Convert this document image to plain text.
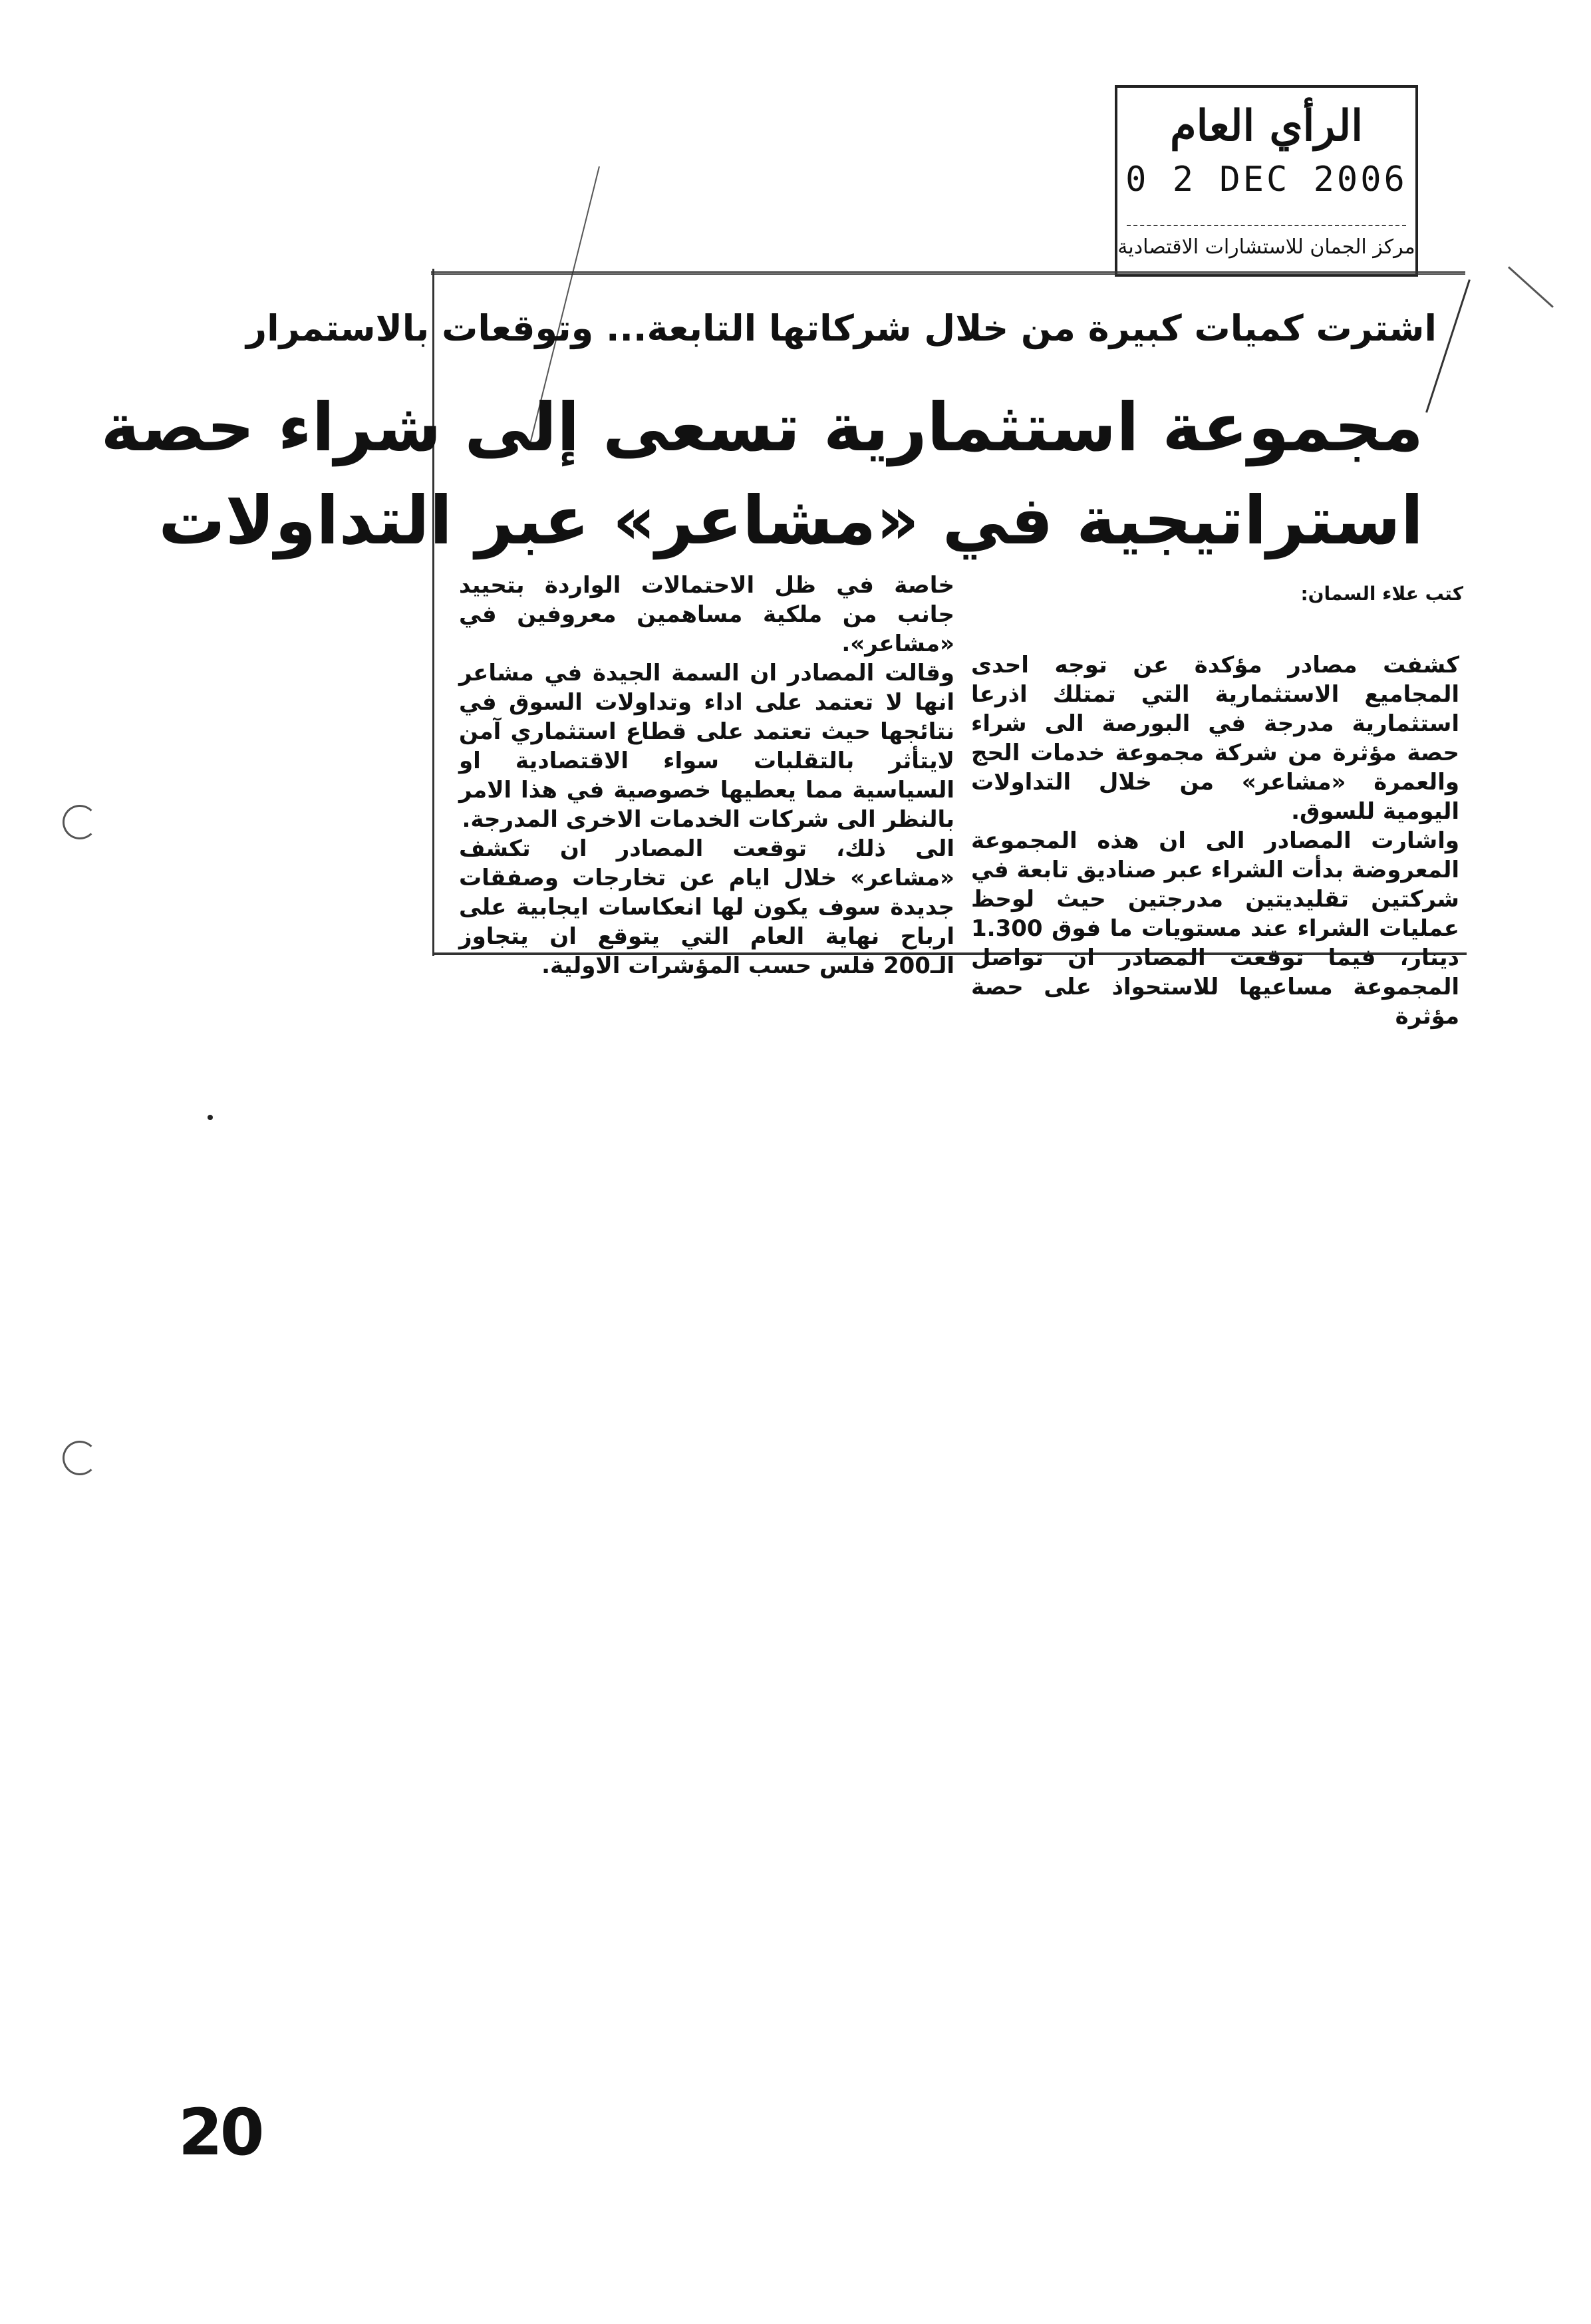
الرأي العام
0 2 DEC 2006
مركز الجمان للاستشارات الاقتصادية
اشترت كميات كبيرة من خلال شركاتها التابعة... وتوقعات بالاستمرار
مجموعة استثمارية تسعى إلى شراء حصة
استراتيجية في «مشاعر» عبر التداولات
كتب علاء السمان:

كشفت مصادر مؤكدة عن توجه احدى المجاميع الاستثمارية التي تمتلك اذرعا استثمارية مدرجة في البورصة الى شراء حصة مؤثرة من شركة مجموعة خدمات الحج والعمرة «مشاعر» من خلال التداولات اليومية للسوق.

واشارت المصادر الى ان هذه المجموعة المعروضة بدأت الشراء عبر صناديق تابعة في شركتين تقليديتين مدرجتين حيث لوحظ عمليات الشراء عند مستويات ما فوق 1.300 دينار، فيما توقعت المصادر ان تواصل المجموعة مساعيها للاستحواذ على حصة مؤثرة

خاصة في ظل الاحتمالات الواردة بتحييد جانب من ملكية مساهمين معروفين في «مشاعر».

وقالت المصادر ان السمة الجيدة في مشاعر انها لا تعتمد على اداء وتداولات السوق في نتائجها حيث تعتمد على قطاع استثماري آمن لايتأثر بالتقلبات سواء الاقتصادية او السياسية مما يعطيها خصوصية في هذا الامر بالنظر الى شركات الخدمات الاخرى المدرجة.

الى ذلك، توقعت المصادر ان تكشف «مشاعر» خلال ايام عن تخارجات وصفقات جديدة سوف يكون لها انعكاسات ايجابية على ارباح نهاية العام التي يتوقع ان يتجاوز الـ200 فلس حسب المؤشرات الاولية.

20
